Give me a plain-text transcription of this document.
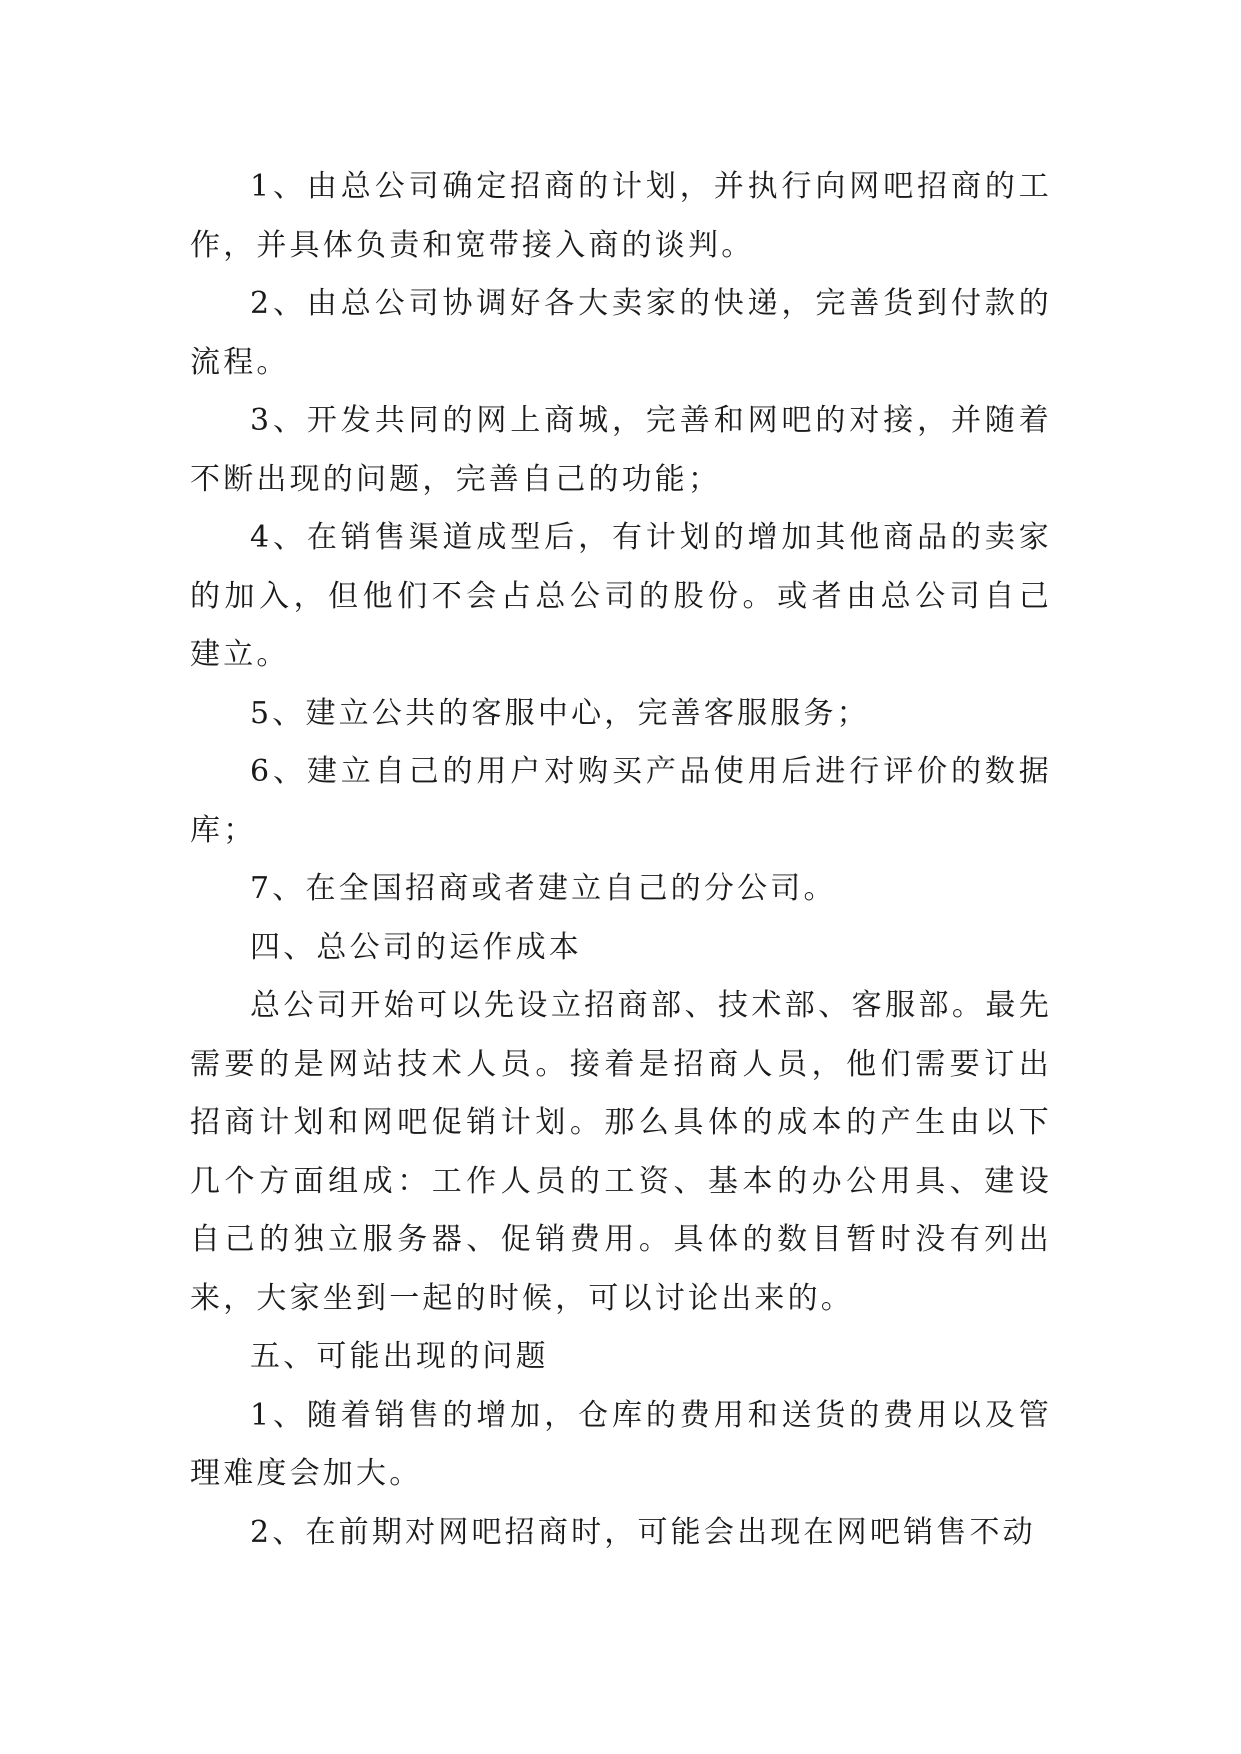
1、由总公司确定招商的计划，并执行向网吧招商的工作，并具体负责和宽带接入商的谈判。

2、由总公司协调好各大卖家的快递，完善货到付款的流程。

3、开发共同的网上商城，完善和网吧的对接，并随着不断出现的问题，完善自己的功能；

4、在销售渠道成型后，有计划的增加其他商品的卖家的加入，但他们不会占总公司的股份。或者由总公司自己建立。

5、建立公共的客服中心，完善客服服务；

6、建立自己的用户对购买产品使用后进行评价的数据库；

7、在全国招商或者建立自己的分公司。

四、总公司的运作成本

总公司开始可以先设立招商部、技术部、客服部。最先需要的是网站技术人员。接着是招商人员，他们需要订出招商计划和网吧促销计划。那么具体的成本的产生由以下几个方面组成：工作人员的工资、基本的办公用具、建设自己的独立服务器、促销费用。具体的数目暂时没有列出来，大家坐到一起的时候，可以讨论出来的。

五、可能出现的问题

1、随着销售的增加，仓库的费用和送货的费用以及管理难度会加大。

2、在前期对网吧招商时，可能会出现在网吧销售不动
